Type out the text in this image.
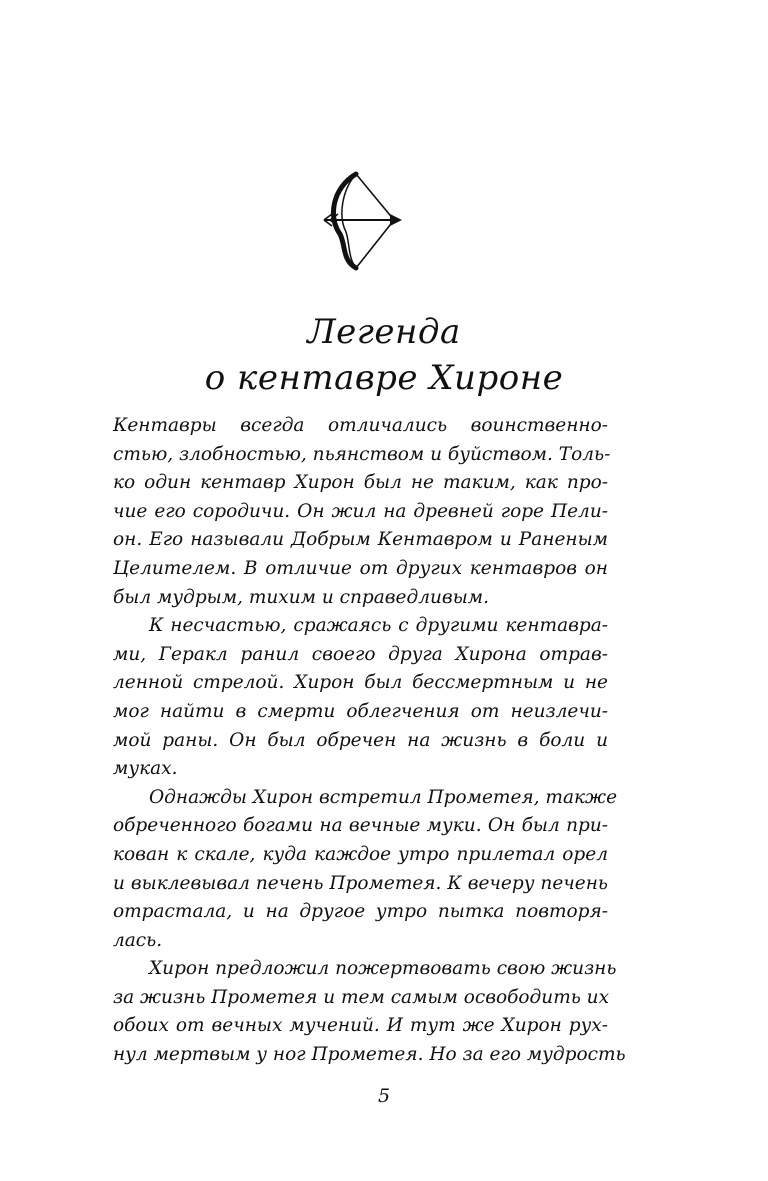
Легенда
о кентавре Хироне
Кентавры всегда отличались воинственно-
стью, злобностью, пьянством и буйством. Толь-
ко один кентавр Хирон был не таким, как про-
чие его сородичи. Он жил на древней горе Пели-
он. Его называли Добрым Кентавром и Раненым
Целителем. В отличие от других кентавров он
был мудрым, тихим и справедливым.
К несчастью, сражаясь с другими кентавра-
ми, Геракл ранил своего друга Хирона отрав-
ленной стрелой. Хирон был бессмертным и не
мог найти в смерти облегчения от неизлечи-
мой раны. Он был обречен на жизнь в боли и
муках.
Однажды Хирон встретил Прометея, также
обреченного богами на вечные муки. Он был при-
кован к скале, куда каждое утро прилетал орел
и выклевывал печень Прометея. К вечеру печень
отрастала, и на другое утро пытка повторя-
лась.
Хирон предложил пожертвовать свою жизнь
за жизнь Прометея и тем самым освободить их
обоих от вечных мучений. И тут же Хирон рух-
нул мертвым у ног Прометея. Но за его мудрость
5
